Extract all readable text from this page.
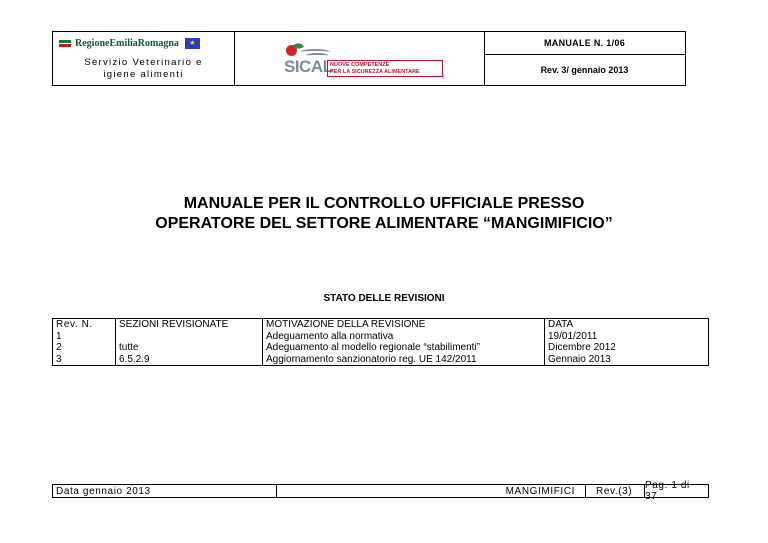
RegioneEmiliaRomagna	★
Servizio Veterinario e
igiene alimenti	SICAL
NUOVE COMPETENZE
PER LA SICUREZZA ALIMENTARE
MANUALE N. 1/06
Rev. 3/ gennaio 2013
MANUALE PER IL CONTROLLO UFFICIALE PRESSO
OPERATORE DEL SETTORE ALIMENTARE “MANGIMIFICIO”
STATO DELLE REVISIONI
Rev. N.	SEZIONI REVISIONATE	MOTIVAZIONE DELLA REVISIONE	DATA
1		Adeguamento alla normativa	19/01/2011
2	tutte	Adeguamento al modello regionale “stabilimenti”	Dicembre 2012
3	6.5.2.9	Aggiornamento sanzionatorio reg. UE 142/2011	Gennaio 2013
Data gennaio 2013	MANGIMIFICI	Rev.(3)	Pag. 1 di 37
